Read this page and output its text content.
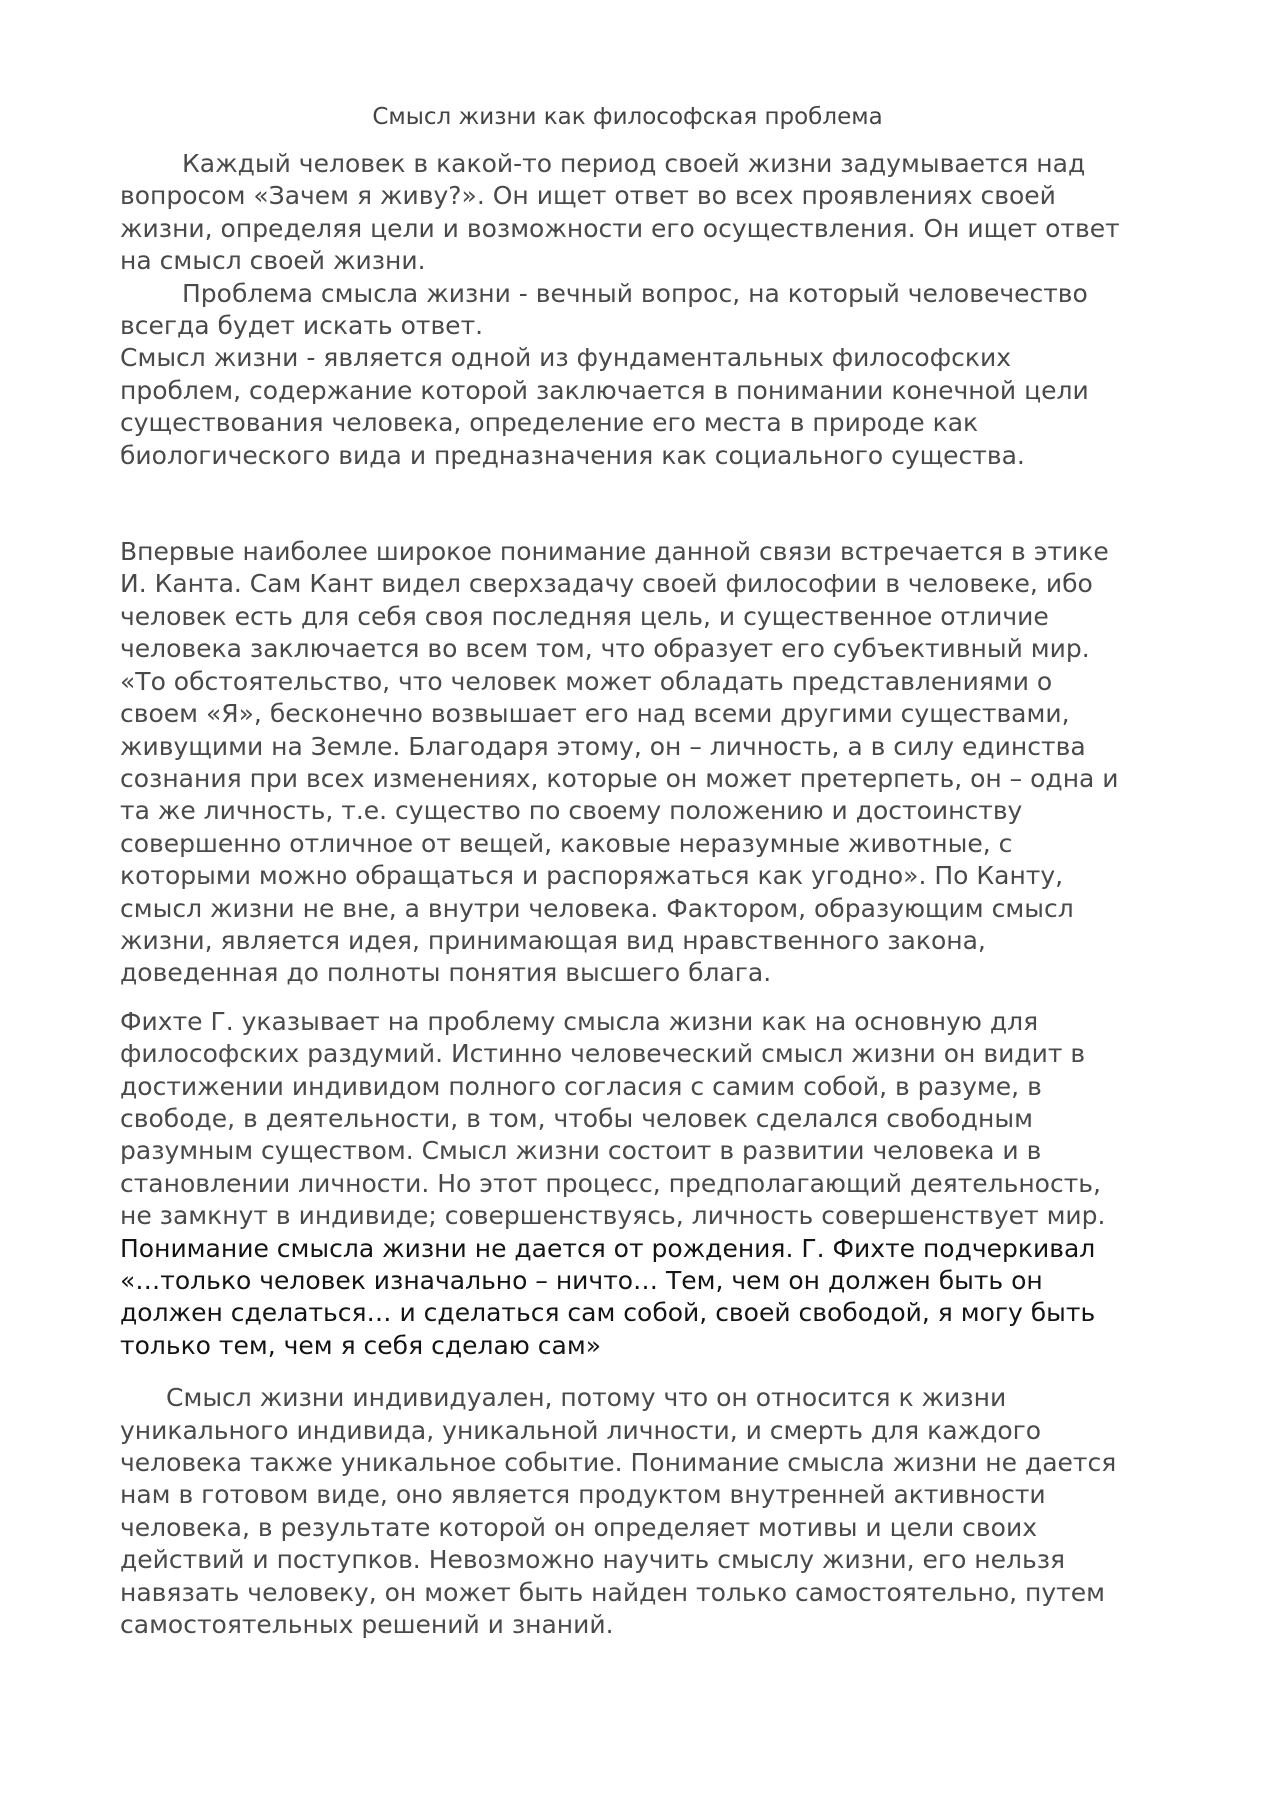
Смысл жизни как философская проблема

Каждый человек в какой-то период своей жизни задумывается над вопросом «Зачем я живу?». Он ищет ответ во всех проявлениях своей жизни, определяя цели и возможности его осуществления. Он ищет ответ на смысл своей жизни.

Проблема смысла жизни - вечный вопрос, на который человечество всегда будет искать ответ.

Смысл жизни - является одной из фундаментальных философских проблем, содержание которой заключается в понимании конечной цели существования человека, определение его места в природе как биологического вида и предназначения как социального существа.

Впервые наиболее широкое понимание данной связи встречается в этике И. Канта. Сам Кант видел сверхзадачу своей философии в человеке, ибо человек есть для себя своя последняя цель, и существенное отличие человека заключается во всем том, что образует его субъективный мир. «То обстоятельство, что человек может обладать представлениями о своем «Я», бесконечно возвышает его над всеми другими существами, живущими на Земле. Благодаря этому, он – личность, а в силу единства сознания при всех изменениях, которые он может претерпеть, он – одна и та же личность, т.е. существо по своему положению и достоинству совершенно отличное от вещей, каковые неразумные животные, с которыми можно обращаться и распоряжаться как угодно». По Канту, смысл жизни не вне, а внутри человека. Фактором, образующим смысл жизни, является идея, принимающая вид нравственного закона, доведенная до полноты понятия высшего блага.

Фихте Г. указывает на проблему смысла жизни как на основную для философских раздумий. Истинно человеческий смысл жизни он видит в достижении индивидом полного согласия с самим собой, в разуме, в свободе, в деятельности, в том, чтобы человек сделался свободным разумным существом. Смысл жизни состоит в развитии человека и в становлении личности. Но этот процесс, предполагающий деятельность, не замкнут в индивиде; совершенствуясь, личность совершенствует мир. Понимание смысла жизни не дается от рождения. Г. Фихте подчеркивал «…только человек изначально – ничто… Тем, чем он должен быть он должен сделаться… и сделаться сам собой, своей свободой, я могу быть только тем, чем я себя сделаю сам»

Смысл жизни индивидуален, потому что он относится к жизни уникального индивида, уникальной личности, и смерть для каждого человека также уникальное событие. Понимание смысла жизни не дается нам в готовом виде, оно является продуктом внутренней активности человека, в результате которой он определяет мотивы и цели своих действий и поступков. Невозможно научить смыслу жизни, его нельзя навязать человеку, он может быть найден только самостоятельно, путем самостоятельных решений и знаний.
